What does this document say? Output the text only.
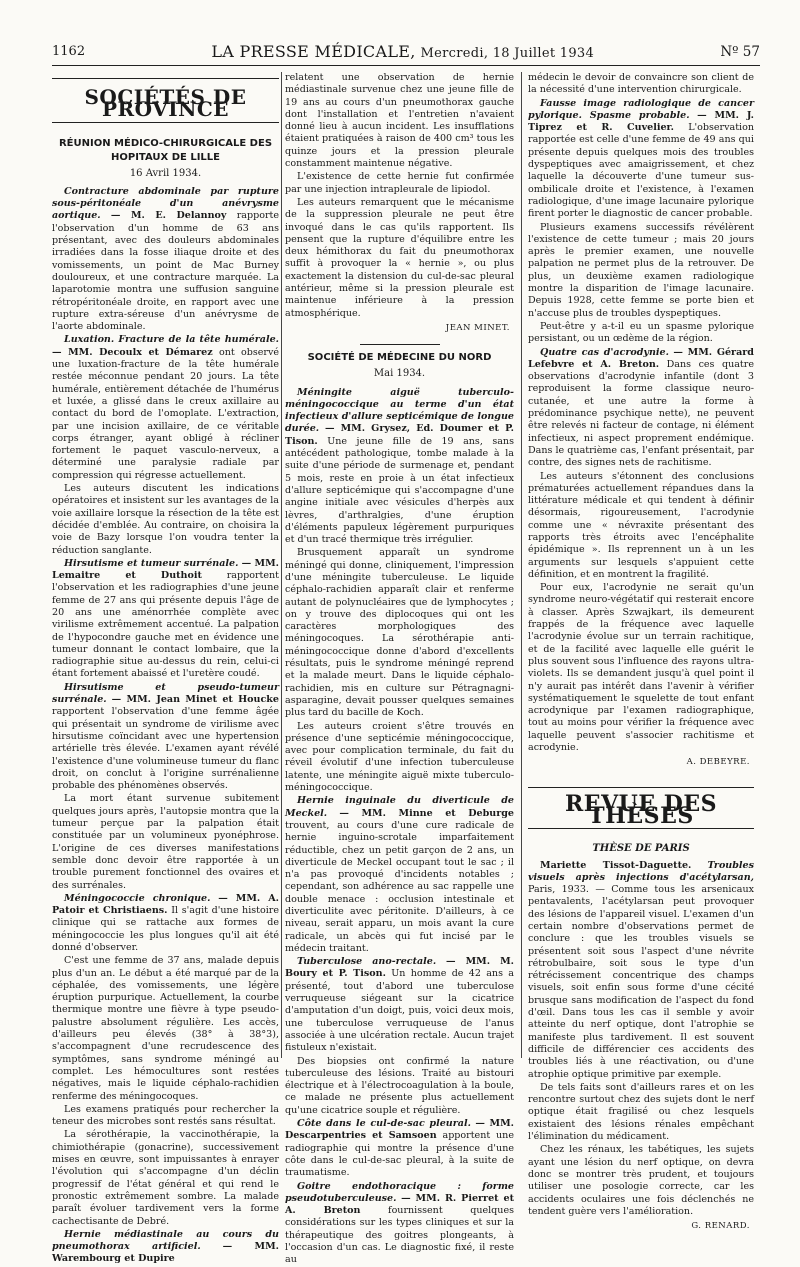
1162	LA PRESSE MÉDICALE, Mercredi, 18 Juillet 1934	Nº 57
SOCIÉTÉS DE PROVINCE
RÉUNION MÉDICO-CHIRURGICALE DES HOPITAUX DE LILLE
16 Avril 1934.
Contracture abdominale par rupture sous-péritonéale d'un anévrysme aortique. — M. E. Delannoy rapporte l'observation d'un homme de 63 ans présentant, avec des douleurs abdominales irradiées dans la fosse iliaque droite et des vomissements, un point de Mac Burney douloureux, et une contracture marquée. La laparotomie montra une suffusion sanguine rétropéritonéale droite, en rapport avec une rupture extra-séreuse d'un anévrysme de l'aorte abdominale.
Luxation. Fracture de la tête humérale. — MM. Decoulx et Démarez ont observé une luxation-fracture de la tête humérale restée méconnue pendant 20 jours. La tête humérale, entièrement détachée de l'humérus et luxée, a glissé dans le creux axillaire au contact du bord de l'omoplate. L'extraction, par une incision axillaire, de ce véritable corps étranger, ayant obligé à récliner fortement le paquet vasculo-nerveux, a déterminé une paralysie radiale par compression qui régresse actuellement.
Les auteurs discutent les indications opératoires et insistent sur les avantages de la voie axillaire lorsque la résection de la tête est décidée d'emblée. Au contraire, on choisira la voie de Bazy lorsque l'on voudra tenter la réduction sanglante.
Hirsutisme et tumeur surrénale. — MM. Lemaitre et Duthoit	rapportent l'observation et les radiographies d'une jeune femme de 27 ans qui présente depuis l'âge de 20 ans une aménorrhée complète avec virilisme extrêmement accentué. La palpation de l'hypocondre gauche met en évidence une tumeur donnant le contact lombaire, que la radiographie situe au-dessus du rein, celui-ci étant fortement abaissé et l'uretère coudé.
Hirsutisme et pseudo-tumeur surrénale. — MM. Jean Minet et Houcke rapportent l'observation d'une femme âgée qui présentait un syndrome de virilisme avec hirsutisme coïncidant avec une hypertension artérielle très élevée. L'examen ayant révélé l'existence d'une volumineuse tumeur du flanc droit, on conclut à l'origine surrénalienne probable des phénomènes observés.
La mort étant survenue subitement quelques jours après, l'autopsie montra que la tumeur perçue par la palpation était constituée par un volumineux pyonéphrose. L'origine de ces diverses manifestations semble donc devoir être rapportée à un trouble purement fonctionnel des ovaires et des surrénales.
Méningococcie chronique. — MM. A. Patoir et Christiaens. Il s'agit d'une histoire clinique qui se rattache aux formes de méningococcie les plus longues qu'il ait été donné d'observer.
C'est une femme de 37 ans, malade depuis plus d'un an. Le début a été marqué par de la céphalée, des vomissements, une légère éruption purpurique. Actuellement, la courbe thermique montre une fièvre à type pseudo-palustre absolument régulière. Les accès, d'ailleurs peu élevés (38° à 38°3), s'accompagnent d'une recrudescence des symptômes, sans syndrome méningé au complet. Les hémocultures sont restées négatives, mais le liquide céphalo-rachidien renferme des méningocoques.
Les examens pratiqués pour rechercher la teneur des microbes sont restés sans résultat.
La sérothérapie, la vaccinothérapie, la chimiothérapie (gonacrine), successivement mises en œuvre, sont impuissantes à enrayer l'évolution qui s'accompagne d'un déclin progressif de l'état général et qui rend le pronostic extrêmement sombre. La malade paraît évoluer tardivement vers la forme cachectisante de Debré.
Hernie médiastinale au cours du pneumothorax artificiel. — MM. Warembourg et Dupire
relatent une observation de hernie médiastinale survenue chez une jeune fille de 19 ans au cours d'un pneumothorax gauche dont l'installation et l'entretien n'avaient donné lieu à aucun incident. Les insufflations étaient pratiquées à raison de 400 cm³ tous les quinze jours et la pression pleurale constamment maintenue négative.
L'existence de cette hernie fut confirmée par une injection intrapleurale de lipiodol.
Les auteurs remarquent que le mécanisme de la suppression pleurale ne peut être invoqué dans le cas qu'ils rapportent. Ils pensent que la rupture d'équilibre entre les deux hémithorax du fait du pneumothorax suffit à provoquer la « hernie », ou plus exactement la distension du cul-de-sac pleural antérieur, même si la pression pleurale est maintenue inférieure à la pression atmosphérique.
JEAN MINET.
SOCIÉTÉ DE MÉDECINE DU NORD
Mai 1934.
Méningite aiguë tuberculo-méningococcique au terme d'un état infectieux d'allure septicémique de longue durée. — MM. Grysez, Ed. Doumer et P. Tison. Une jeune fille de 19 ans, sans antécédent pathologique, tombe malade à la suite d'une période de surmenage et, pendant 5 mois, reste en proie à un état infectieux d'allure septicémique qui s'accompagne d'une angine initiale avec vésicules d'herpès aux lèvres, d'arthralgies, d'une éruption d'éléments papuleux légèrement purpuriques et d'un tracé thermique très irrégulier.
Brusquement apparaît un syndrome méningé qui donne, cliniquement, l'impression d'une méningite tuberculeuse. Le liquide céphalo-rachidien apparaît clair et renferme autant de polynucléaires que de lymphocytes ; on y trouve des diplocoques qui ont les caractères morphologiques des méningocoques. La sérothérapie anti-méningococcique donne d'abord d'excellents résultats, puis le syndrome méningé reprend et la malade meurt. Dans le liquide céphalo-rachidien, mis en culture sur Pétragnagni-asparagine, devait pousser quelques semaines plus tard du bacille de Koch.
Les auteurs croient s'être trouvés en présence d'une septicémie méningococcique, avec pour complication terminale, du fait du réveil évolutif d'une infection tuberculeuse latente, une méningite aiguë mixte tuberculo-méningococcique.
Hernie inguinale du diverticule de Meckel. — MM. Minne et Deburge trouvent, au cours d'une cure radicale de hernie inguino-scrotale imparfaitement réductible, chez un petit garçon de 2 ans, un diverticule de Meckel occupant tout le sac ; il n'a pas provoqué d'incidents notables ; cependant, son adhérence au sac rappelle une double menace : occlusion intestinale et diverticulite avec péritonite. D'ailleurs, à ce niveau, serait apparu, un mois avant la cure radicale, un abcès qui fut incisé par le médecin traitant.
Tuberculose ano-rectale. — MM. M. Boury et P. Tison. Un homme de 42 ans a présenté, tout d'abord une tuberculose verruqueuse siégeant sur la cicatrice d'amputation d'un doigt, puis, voici deux mois, une tuberculose verruqueuse de l'anus associée à une ulcération rectale. Aucun trajet fistuleux n'existait.
Des biopsies ont confirmé la nature tuberculeuse des lésions. Traité au bistouri électrique et à l'électrocoagulation à la boule, ce malade ne présente plus actuellement qu'une cicatrice souple et régulière.
Côte dans le cul-de-sac pleural. — MM. Descarpentries et Samsoen apportent une radiographie qui montre la présence d'une côte dans le cul-de-sac pleural, à la suite de traumatisme.
Goitre endothoracique : forme pseudotuberculeuse. — MM. R. Pierret et A. Breton	fournissent quelques considérations sur les types cliniques et sur la thérapeutique des goitres plongeants, à l'occasion d'un cas. Le diagnostic fixé, il reste au
médecin le devoir de convaincre son client de la nécessité d'une intervention chirurgicale.
Fausse image radiologique de cancer pylorique. Spasme probable. — MM. J. Tiprez et R. Cuvelier. L'observation rapportée est celle d'une femme de 49 ans qui présente depuis quelques mois des troubles dyspeptiques avec amaigrissement, et chez laquelle la découverte d'une tumeur sus-ombilicale droite et l'existence, à l'examen radiologique, d'une image lacunaire pylorique firent porter le diagnostic de cancer probable.
Plusieurs examens successifs révélèrent l'existence de cette tumeur ; mais 20 jours après le premier examen, une nouvelle palpation ne permet plus de la retrouver. De plus, un deuxième examen radiologique montre la disparition de l'image lacunaire. Depuis 1928, cette femme se porte bien et n'accuse plus de troubles dyspeptiques.
Peut-être y a-t-il eu un spasme pylorique persistant, ou un œdème de la région.
Quatre cas d'acrodynie. — MM. Gérard Lefebvre et A. Breton. Dans ces quatre observations d'acrodynie infantile (dont 3 reproduisent la forme classique neuro-cutanée, et une autre la forme à prédominance psychique nette), ne peuvent être relevés ni facteur de contage, ni élément infectieux, ni aspect proprement endémique. Dans le quatrième cas, l'enfant présentait, par contre, des signes nets de rachitisme.
Les auteurs s'étonnent des conclusions prématurées actuellement répandues dans la littérature médicale et qui tendent à définir désormais, rigoureusement, l'acrodynie comme une « névraxite présentant des rapports très étroits avec l'encéphalite épidémique ». Ils reprennent un à un les arguments sur lesquels s'appuient cette définition, et en montrent la fragilité.
Pour eux, l'acrodynie ne serait qu'un syndrome neuro-végétatif qui resterait encore à classer. Après Szwajkart, ils demeurent frappés de la fréquence avec laquelle l'acrodynie évolue sur un terrain rachitique, et de la facilité avec laquelle elle guérit le plus souvent sous l'influence des rayons ultra-violets. Ils se demandent jusqu'à quel point il n'y aurait pas intérêt dans l'avenir à vérifier systématiquement le squelette de tout enfant acrodynique par l'examen radiographique, tout au moins pour vérifier la fréquence avec laquelle peuvent s'associer rachitisme et acrodynie.
A. DEBEYRE.
REVUE DES THÈSES
THÈSE DE PARIS
Mariette Tissot-Daguette. Troubles visuels après injections d'acétylarsan, Paris, 1933. — Comme tous les arsenicaux pentavalents, l'acétylarsan peut provoquer des lésions de l'appareil visuel. L'examen d'un certain nombre d'observations permet de conclure : que les troubles visuels se présentent soit sous l'aspect d'une névrite rétrobulbaire, soit sous le type d'un rétrécissement concentrique des champs visuels, soit enfin sous forme d'une cécité brusque sans modification de l'aspect du fond d'œil. Dans tous les cas il semble y avoir atteinte du nerf optique, dont l'atrophie se manifeste plus tardivement. Il est souvent difficile de différencier ces accidents des troubles liés à une réactivation, ou d'une atrophie optique primitive par exemple.
De tels faits sont d'ailleurs rares et on les rencontre surtout chez des sujets dont le nerf optique était fragilisé ou chez lesquels existaient des lésions rénales empêchant l'élimination du médicament.
Chez les rénaux, les tabétiques, les sujets ayant une lésion du nerf optique, on devra donc se montrer très prudent, et toujours utiliser une posologie correcte, car les accidents oculaires une fois déclenchés ne tendent guère vers l'amélioration.
G. RENARD.
